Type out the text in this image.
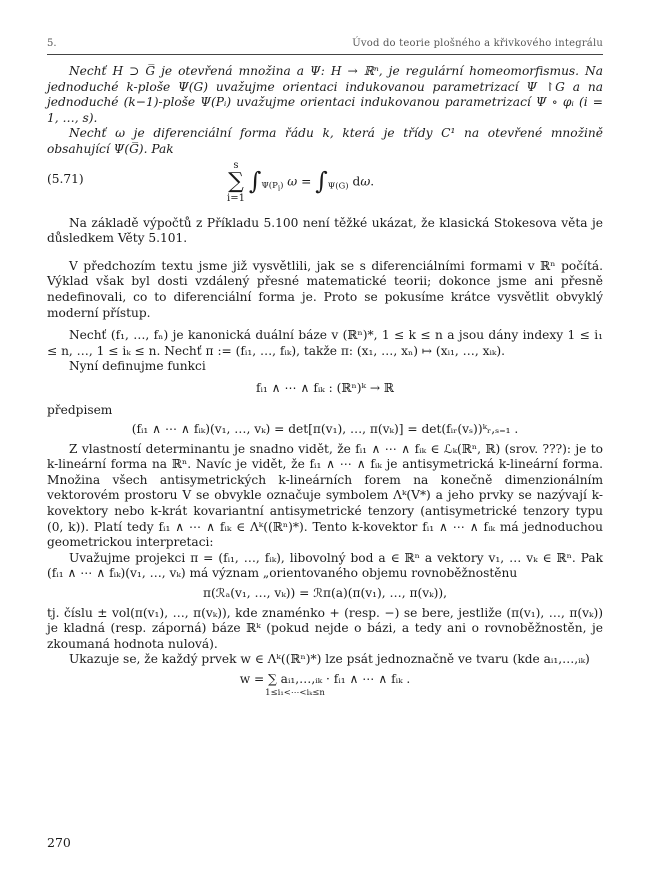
5.	Úvod do teorie plošného a křivkového integrálu

Nechť H ⊃ G̅ je otevřená množina a Ψ: H → ℝⁿ, je regulární homeomorfismus. Na jednoduché k-ploše Ψ(G) uvažujme orientaci indukovanou parametrizací Ψ ↾G a na jednoduché (k−1)-ploše Ψ(Pᵢ) uvažujme orientaci indukovanou parametrizací Ψ ∘ φᵢ (i = 1, …, s).

Nechť ω je diferenciální forma řádu k, která je třídy C¹ na otevřené množině obsahující Ψ(G̅). Pak

(5.71)
s
∑
i=1 $\int_{\Psi(P_i)}$ $\omega = \int_{\Psi(G)}$ dω.

Na základě výpočtů z Příkladu 5.100 není těžké ukázat, že klasická Stokesova věta je důsledkem Věty 5.101.

V předchozím textu jsme již vysvětlili, jak se s diferenciálními formami v ℝⁿ počítá. Výklad však byl dosti vzdálený přesné matematické teorii; dokonce jsme ani přesně nedefinovali, co to diferenciální forma je. Proto se pokusíme krátce vysvětlit obvyklý moderní přístup.

Nechť (f₁, …, fₙ) je kanonická duální báze v (ℝⁿ)*, 1 ≤ k ≤ n a jsou dány indexy 1 ≤ i₁ ≤ n, …, 1 ≤ iₖ ≤ n. Nechť π := (fᵢ₁, …, fᵢₖ), takže π: (x₁, …, xₙ) ↦ (xᵢ₁, …, xᵢₖ).

Nyní definujme funkci

fᵢ₁ ∧ ⋯ ∧ fᵢₖ : (ℝⁿ)ᵏ → ℝ

předpisem

(fᵢ₁ ∧ ⋯ ∧ fᵢₖ)(v₁, …, vₖ) = det[π(v₁), …, π(vₖ)] = det(fᵢᵣ(vₛ))ᵏᵣ,ₛ₌₁ .

Z vlastností determinantu je snadno vidět, že fᵢ₁ ∧ ⋯ ∧ fᵢₖ ∈ ℒₖ(ℝⁿ, ℝ) (srov. ???): je to k-lineární forma na ℝⁿ. Navíc je vidět, že fᵢ₁ ∧ ⋯ ∧ fᵢₖ je antisymetrická k-lineární forma. Množina všech antisymetrických k-lineárních forem na konečně dimenzionálním vektorovém prostoru V se obvykle označuje symbolem Λᵏ(V*) a jeho prvky se nazývají k-kovektory nebo k-krát kovariantní antisymetrické tenzory (antisymetrické tenzory typu (0, k)). Platí tedy fᵢ₁ ∧ ⋯ ∧ fᵢₖ ∈ Λᵏ((ℝⁿ)*). Tento k-kovektor fᵢ₁ ∧ ⋯ ∧ fᵢₖ má jednoduchou geometrickou interpretaci:

Uvažujme projekci π = (fᵢ₁, …, fᵢₖ), libovolný bod a ∈ ℝⁿ a vektory v₁, … vₖ ∈ ℝⁿ. Pak (fᵢ₁ ∧ ⋯ ∧ fᵢₖ)(v₁, …, vₖ) má význam „orientovaného objemu rovnoběžnostěnu

π(ℛₐ(v₁, …, vₖ)) = ℛπ(a)(π(v₁), …, π(vₖ)),

tj. číslu ± vol(π(v₁), …, π(vₖ)), kde znaménko + (resp. −) se bere, jestliže (π(v₁), …, π(vₖ)) je kladná (resp. záporná) báze ℝᵏ (pokud nejde o bázi, a tedy ani o rovnoběžnostěn, je zkoumaná hodnota nulová).

Ukazuje se, že každý prvek w ∈ Λᵏ((ℝⁿ)*) lze psát jednoznačně ve tvaru (kde aᵢ₁,…,ᵢₖ)

w = ∑ aᵢ₁,…,ᵢₖ · fᵢ₁ ∧ ⋯ ∧ fᵢₖ .
1≤i₁<⋯<iₖ≤n
270
